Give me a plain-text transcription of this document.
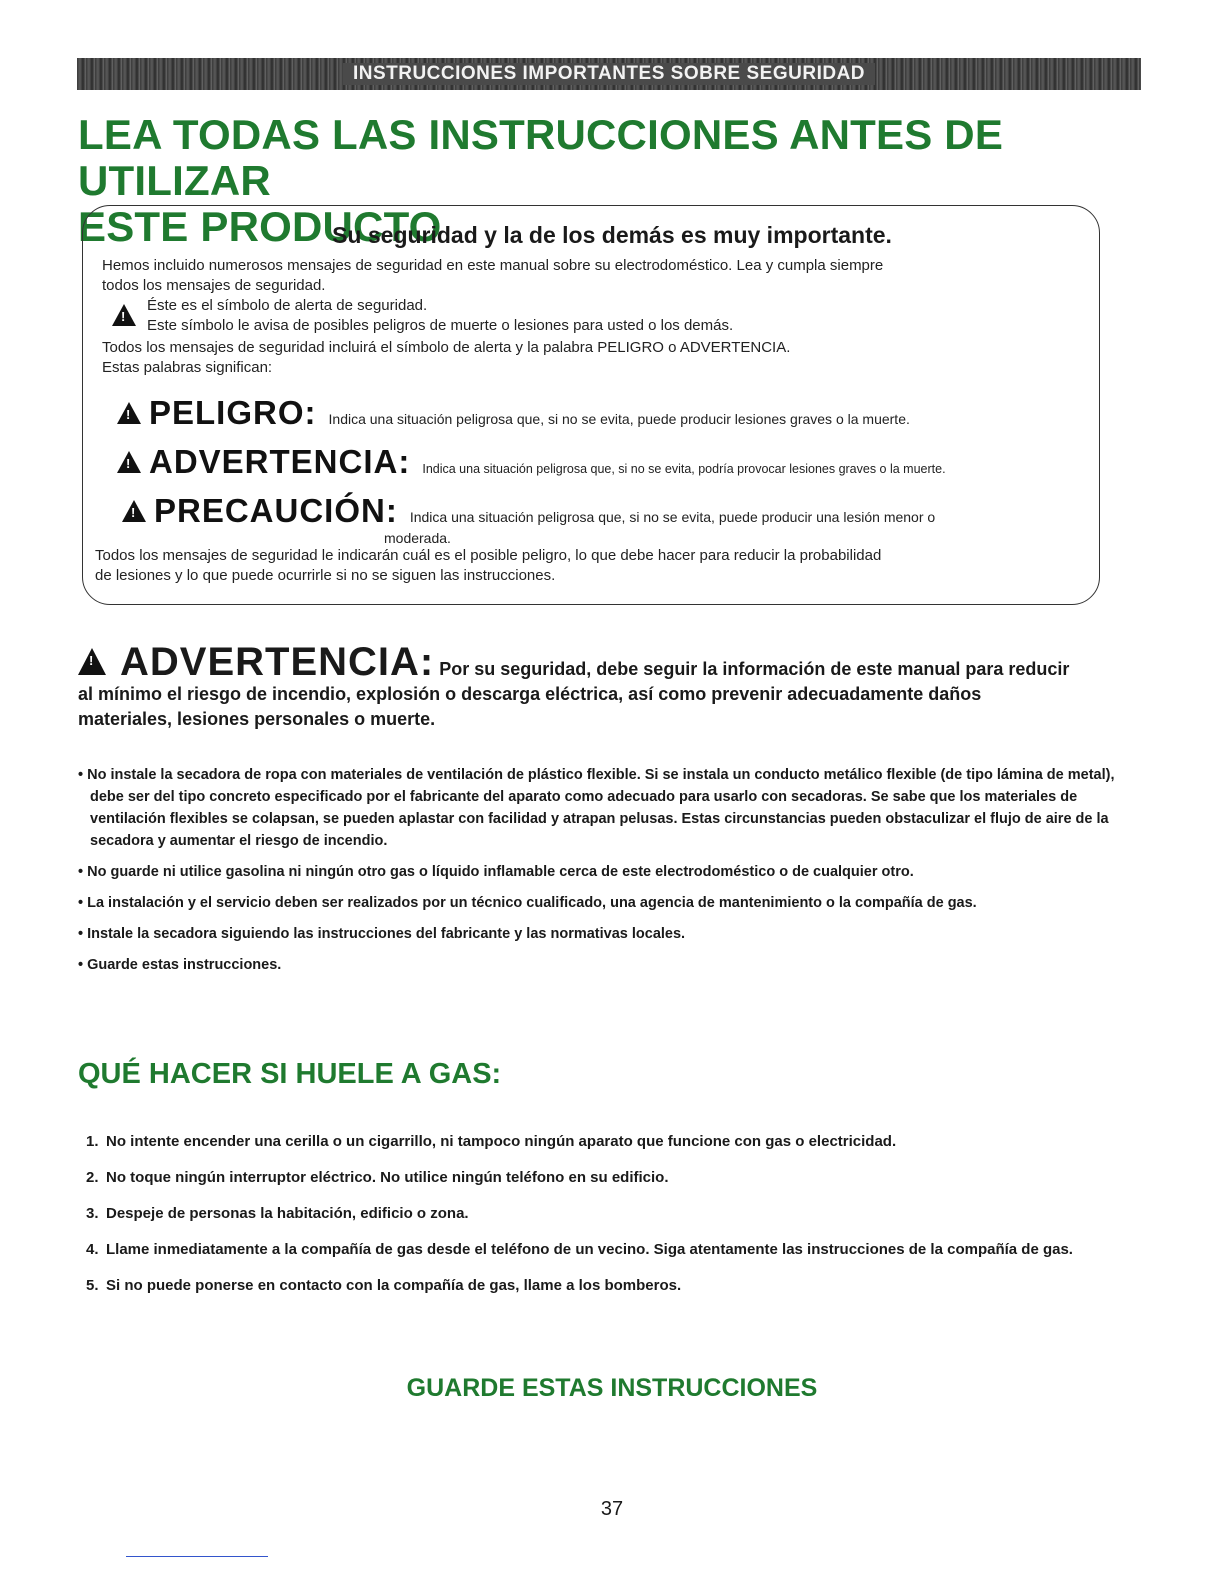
INSTRUCCIONES IMPORTANTES SOBRE SEGURIDAD
LEA TODAS LAS INSTRUCCIONES ANTES DE UTILIZAR
ESTE PRODUCTO
Su seguridad y la de los demás es muy importante.
Hemos incluido numerosos mensajes de seguridad en este manual sobre su electrodoméstico. Lea y cumpla siempre
todos los mensajes de seguridad.
!
Éste es el símbolo de alerta de seguridad.
Este símbolo le avisa de posibles peligros de muerte o lesiones para usted o los demás.
Todos los mensajes de seguridad incluirá el símbolo de alerta y la palabra PELIGRO o ADVERTENCIA.
Estas palabras significan:
!
PELIGRO: Indica una situación peligrosa que, si no se evita, puede producir lesiones graves o la muerte.
!
ADVERTENCIA: Indica una situación peligrosa que, si no se evita, podría provocar lesiones graves o la muerte.
!
PRECAUCIÓN: Indica una situación peligrosa que, si no se evita, puede producir una lesión menor o
moderada.
Todos los mensajes de seguridad le indicarán cuál es el posible peligro, lo que debe hacer para reducir la probabilidad
de lesiones y lo que puede ocurrirle si no se siguen las instrucciones.

!ADVERTENCIA: Por su seguridad, debe seguir la información de este manual para reducir
al mínimo el riesgo de incendio, explosión o descarga eléctrica, así como prevenir adecuadamente daños
materiales, lesiones personales o muerte.

• No instale la secadora de ropa con materiales de ventilación de plástico flexible. Si se instala un conducto metálico flexible (de tipo lámina de metal), debe ser del tipo concreto especificado por el fabricante del aparato como adecuado para usarlo con secadoras. Se sabe que los materiales de ventilación flexibles se colapsan, se pueden aplastar con facilidad y atrapan pelusas. Estas circunstancias pueden obstaculizar el flujo de aire de la secadora y aumentar el riesgo de incendio.
• No guarde ni utilice gasolina ni ningún otro gas o líquido inflamable cerca de este electrodoméstico o de cualquier otro.
• La instalación y el servicio deben ser realizados por un técnico cualificado, una agencia de mantenimiento o la compañía de gas.
• Instale la secadora siguiendo las instrucciones del fabricante y las normativas locales.
• Guarde estas instrucciones.
QUÉ HACER SI HUELE A GAS:
1. No intente encender una cerilla o un cigarrillo, ni tampoco ningún aparato que funcione con gas o electricidad.
2. No toque ningún interruptor eléctrico. No utilice ningún teléfono en su edificio.
3. Despeje de personas la habitación, edificio o zona.
4. Llame inmediatamente a la compañía de gas desde el teléfono de un vecino. Siga atentamente las instrucciones de la compañía de gas.
5. Si no puede ponerse en contacto con la compañía de gas, llame a los bomberos.
GUARDE ESTAS INSTRUCCIONES
37
